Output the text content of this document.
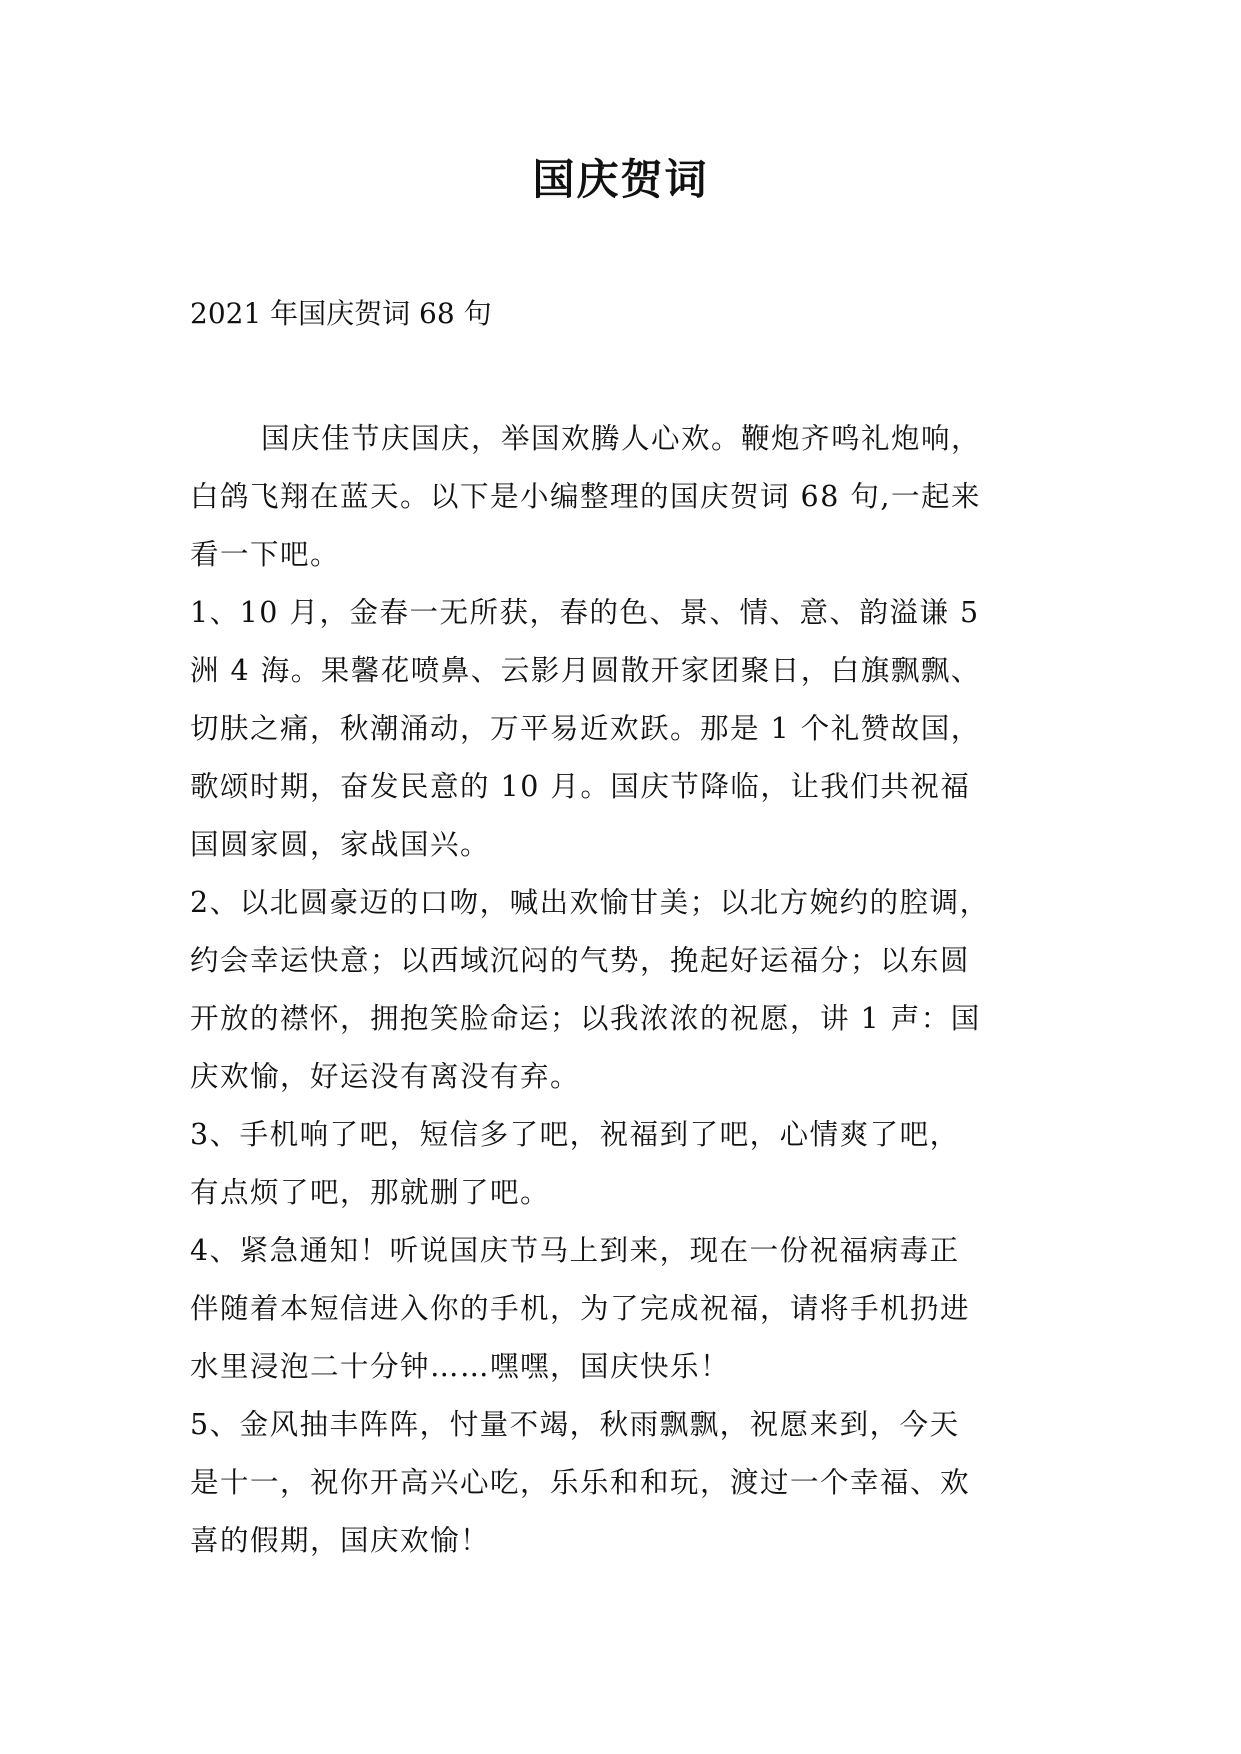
国庆贺词
2021 年国庆贺词 68 句
国庆佳节庆国庆，举国欢腾人心欢。鞭炮齐鸣礼炮响，
白鸽飞翔在蓝天。以下是小编整理的国庆贺词 68 句,一起来
看一下吧。
1、10 月，金春一无所获，春的色、景、情、意、韵溢谦 5
洲 4 海。果馨花喷鼻、云影月圆散开家团聚日，白旗飘飘、
切肤之痛，秋潮涌动，万平易近欢跃。那是 1 个礼赞故国，
歌颂时期，奋发民意的 10 月。国庆节降临，让我们共祝福
国圆家圆，家战国兴。
2、以北圆豪迈的口吻，喊出欢愉甘美；以北方婉约的腔调，
约会幸运快意；以西域沉闷的气势，挽起好运福分；以东圆
开放的襟怀，拥抱笑脸命运；以我浓浓的祝愿，讲 1 声：国
庆欢愉，好运没有离没有弃。
3、手机响了吧，短信多了吧，祝福到了吧，心情爽了吧，
有点烦了吧，那就删了吧。
4、紧急通知！听说国庆节马上到来，现在一份祝福病毒正
伴随着本短信进入你的手机，为了完成祝福，请将手机扔进
水里浸泡二十分钟……嘿嘿，国庆快乐！
5、金风抽丰阵阵，忖量不竭，秋雨飘飘，祝愿来到，今天
是十一，祝你开高兴心吃，乐乐和和玩，渡过一个幸福、欢
喜的假期，国庆欢愉！
